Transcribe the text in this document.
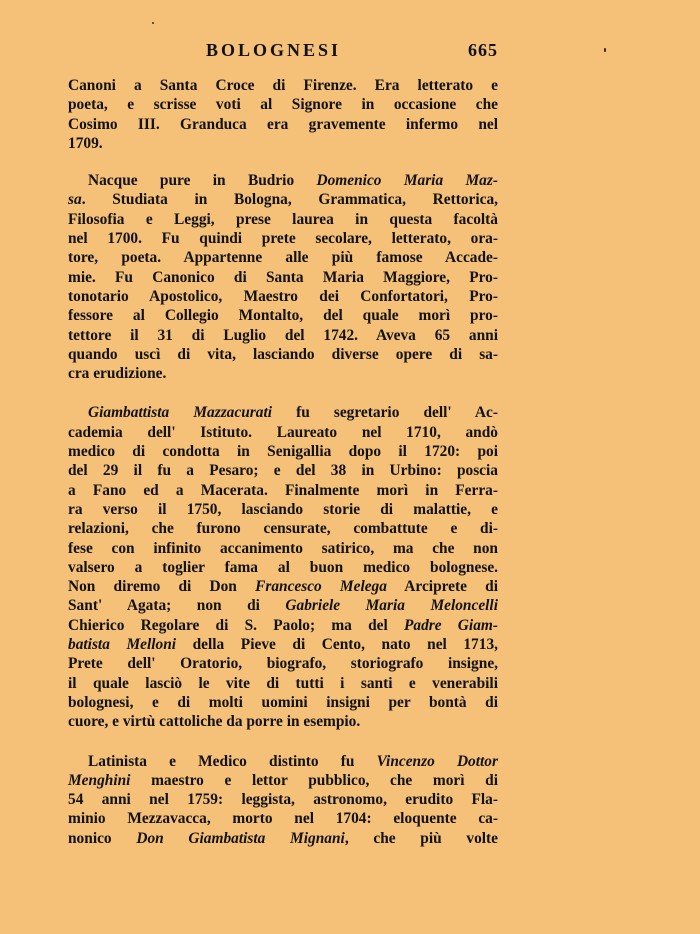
BOLOGNESI	665
Canoni a Santa Croce di Firenze. Era letterato e
poeta, e scrisse voti al Signore in occasione che
Cosimo III. Granduca era gravemente infermo nel
1709.
Nacque pure in Budrio Domenico Maria Maz-
sa. Studiata in Bologna, Grammatica, Rettorica,
Filosofia e Leggi, prese laurea in questa facoltà
nel 1700. Fu quindi prete secolare, letterato, ora-
tore, poeta. Appartenne alle più famose Accade-
mie. Fu Canonico di Santa Maria Maggiore, Pro-
tonotario Apostolico, Maestro dei Confortatori, Pro-
fessore al Collegio Montalto, del quale morì pro-
tettore il 31 di Luglio del 1742. Aveva 65 anni
quando uscì di vita, lasciando diverse opere di sa-
cra erudizione.
Giambattista Mazzacurati fu segretario dell' Ac-
cademia dell' Istituto. Laureato nel 1710, andò
medico di condotta in Senigallia dopo il 1720: poi
del 29 il fu a Pesaro; e del 38 in Urbino: poscia
a Fano ed a Macerata. Finalmente morì in Ferra-
ra verso il 1750, lasciando storie di malattie, e
relazioni, che furono censurate, combattute e di-
fese con infinito accanimento satirico, ma che non
valsero a toglier fama al buon medico bolognese.
Non diremo di Don Francesco Melega Arciprete di
Sant' Agata; non di Gabriele Maria Meloncelli
Chierico Regolare di S. Paolo; ma del Padre Giam-
batista Melloni della Pieve di Cento, nato nel 1713,
Prete dell' Oratorio, biografo, storiografo insigne,
il quale lasciò le vite di tutti i santi e venerabili
bolognesi, e di molti uomini insigni per bontà di
cuore, e virtù cattoliche da porre in esempio.
Latinista e Medico distinto fu Vincenzo Dottor
Menghini maestro e lettor pubblico, che morì di
54 anni nel 1759: leggista, astronomo, erudito Fla-
minio Mezzavacca, morto nel 1704: eloquente ca-
nonico Don Giambatista Mignani, che più volte
